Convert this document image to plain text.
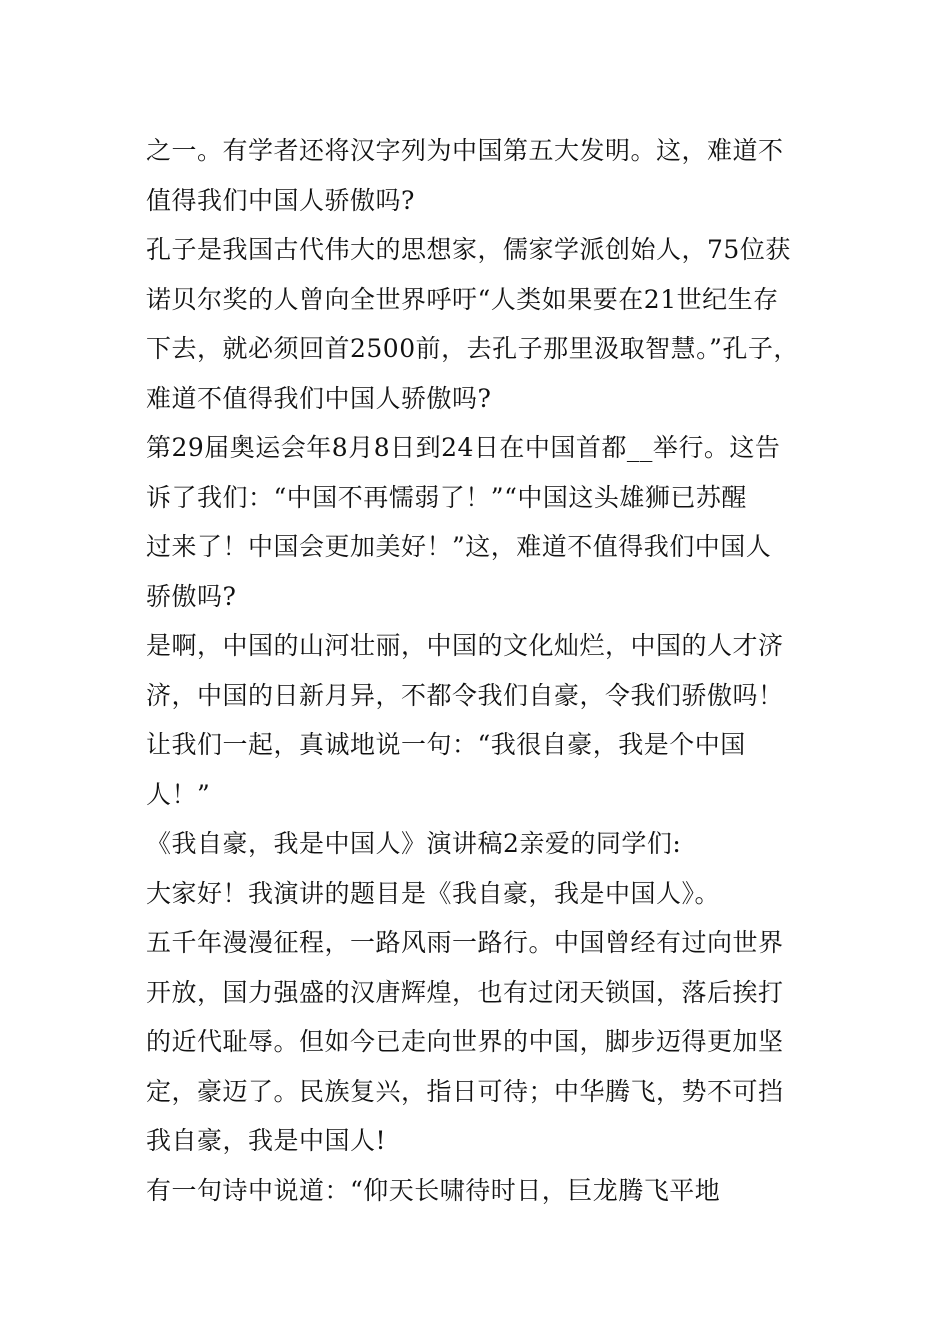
之一。有学者还将汉字列为中国第五大发明。这，难道不
值得我们中国人骄傲吗?
孔子是我国古代伟大的思想家，儒家学派创始人，75位获
诺贝尔奖的人曾向全世界呼吁“人类如果要在21世纪生存
下去，就必须回首2500前，去孔子那里汲取智慧。”孔子，
难道不值得我们中国人骄傲吗?
第29届奥运会年8月8日到24日在中国首都__举行。这告
诉了我们：“中国不再懦弱了！”“中国这头雄狮已苏醒
过来了！中国会更加美好！”这，难道不值得我们中国人
骄傲吗?
是啊，中国的山河壮丽，中国的文化灿烂，中国的人才济
济，中国的日新月异，不都令我们自豪，令我们骄傲吗！
让我们一起，真诚地说一句：“我很自豪，我是个中国
人！”
《我自豪，我是中国人》演讲稿2亲爱的同学们:
大家好！我演讲的题目是《我自豪，我是中国人》。
五千年漫漫征程，一路风雨一路行。中国曾经有过向世界
开放，国力强盛的汉唐辉煌，也有过闭天锁国，落后挨打
的近代耻辱。但如今已走向世界的中国，脚步迈得更加坚
定，豪迈了。民族复兴，指日可待；中华腾飞，势不可挡
我自豪，我是中国人!
有一句诗中说道：“仰天长啸待时日，巨龙腾飞平地
